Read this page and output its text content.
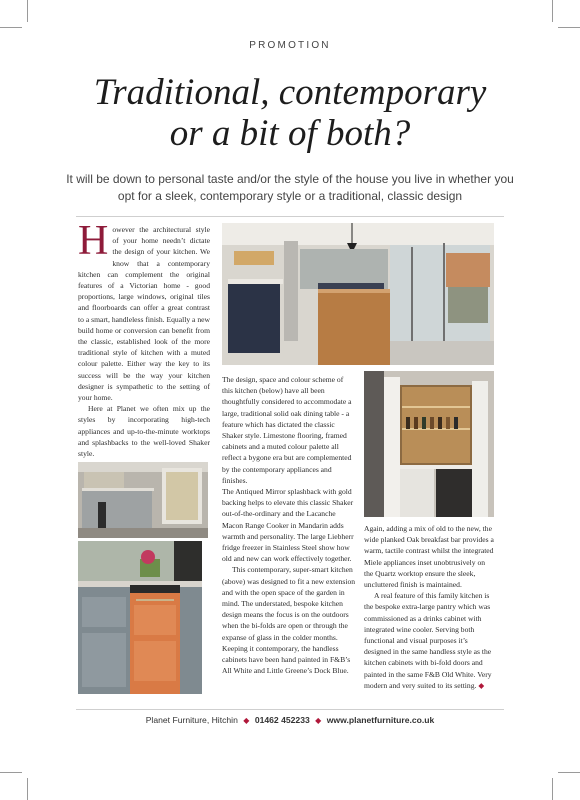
PROMOTION
Traditional, contemporary
or a bit of both?
It will be down to personal taste and/or the style of the house you live in whether you opt for a sleek, contemporary style or a traditional, classic design

However the architectural style of your home needn’t dictate the design of your kitchen. We know that a contemporary kitchen can complement the original features of a Victorian home - good proportions, large windows, original tiles and floorboards can offer a great contrast to a smart, handleless finish. Equally a new build home or conversion can benefit from the classic, established look of the more traditional style of kitchen with a muted colour palette. Either way the key to its success will be the way your kitchen designer is sympathetic to the setting of your home.

Here at Planet we often mix up the styles by incorporating high-tech appliances and up-to-the-minute worktops and splashbacks to the well-loved Shaker style.

The design, space and colour scheme of this kitchen (below) have all been thoughtfully considered to accommodate a large, traditional solid oak dining table - a feature which has dictated the classic Shaker style. Limestone flooring, framed cabinets and a muted colour palette all reflect a bygone era but are complemented by the contemporary appliances and finishes.

The Antiqued Mirror splashback with gold backing helps to elevate this classic Shaker out-of-the-ordinary and the Lacanche Macon Range Cooker in Mandarin adds warmth and personality. The large Liebherr fridge freezer in Stainless Steel show how old and new can work effectively together.

This contemporary, super-smart kitchen (above) was designed to fit a new extension and with the open space of the garden in mind. The understated, bespoke kitchen design means the focus is on the outdoors when the bi-folds are open or through the expanse of glass in the colder months. Keeping it contemporary, the handless cabinets have been hand painted in F&B’s All White and Little Greene’s Dock Blue.

Again, adding a mix of old to the new, the wide planked Oak breakfast bar provides a warm, tactile contrast whilst the integrated Miele appliances inset unobtrusively on the Quartz worktop ensure the sleek, uncluttered finish is maintained.

A real feature of this family kitchen is the bespoke extra-large pantry which was commissioned as a drinks cabinet with integrated wine cooler. Serving both functional and visual purposes it’s designed in the same handless style as the kitchen cabinets with bi-fold doors and painted in the same F&B Old White. Very modern and very suited to its setting. ◆

Planet Furniture, Hitchin ◆ 01462 452233 ◆ www.planetfurniture.co.uk
